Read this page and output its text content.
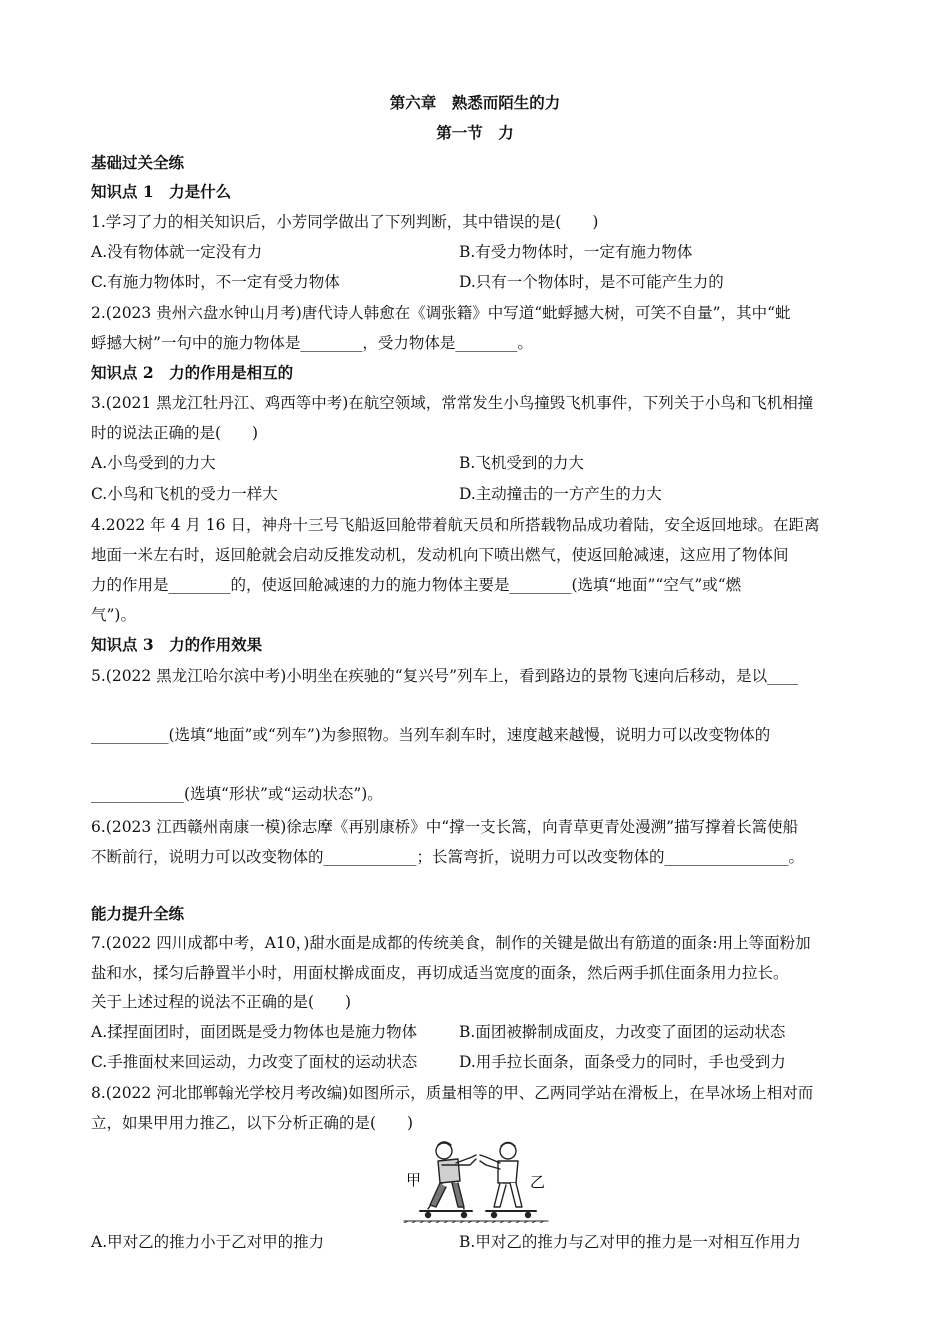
第六章　熟悉而陌生的力
第一节　力
基础过关全练
知识点 1　力是什么
1.学习了力的相关知识后，小芳同学做出了下列判断，其中错误的是(　　)
A.没有物体就一定没有力	B.有受力物体时，一定有施力物体
C.有施力物体时，不一定有受力物体	D.只有一个物体时，是不可能产生力的
2.(2023 贵州六盘水钟山月考)唐代诗人韩愈在《调张籍》中写道“蚍蜉撼大树，可笑不自量”，其中“蚍
蜉撼大树”一句中的施力物体是________，受力物体是________。
知识点 2　力的作用是相互的
3.(2021 黑龙江牡丹江、鸡西等中考)在航空领域，常常发生小鸟撞毁飞机事件，下列关于小鸟和飞机相撞
时的说法正确的是(　　)
A.小鸟受到的力大	B.飞机受到的力大
C.小鸟和飞机的受力一样大	D.主动撞击的一方产生的力大
4.2022 年 4 月 16 日，神舟十三号飞船返回舱带着航天员和所搭载物品成功着陆，安全返回地球。在距离
地面一米左右时，返回舱就会启动反推发动机，发动机向下喷出燃气，使返回舱减速，这应用了物体间
力的作用是________的，使返回舱减速的力的施力物体主要是________(选填“地面”“空气”或“燃
气”)。
知识点 3　力的作用效果
5.(2022 黑龙江哈尔滨中考)小明坐在疾驰的“复兴号”列车上，看到路边的景物飞速向后移动，是以____
__________(选填“地面”或“列车”)为参照物。当列车刹车时，速度越来越慢，说明力可以改变物体的
____________(选填“形状”或“运动状态”)。
6.(2023 江西赣州南康一模)徐志摩《再别康桥》中“撑一支长篙，向青草更青处漫溯”描写撑着长篙使船
不断前行，说明力可以改变物体的____________；长篙弯折，说明力可以改变物体的________________。
能力提升全练
7.(2022 四川成都中考，A10，)甜水面是成都的传统美食，制作的关键是做出有筋道的面条:用上等面粉加
盐和水，揉匀后静置半小时，用面杖擀成面皮，再切成适当宽度的面条，然后两手抓住面条用力拉长。
关于上述过程的说法不正确的是(　　)
A.揉捏面团时，面团既是受力物体也是施力物体	B.面团被擀制成面皮，力改变了面团的运动状态
C.手推面杖来回运动，力改变了面杖的运动状态	D.用手拉长面条，面条受力的同时，手也受到力
8.(2022 河北邯郸翰光学校月考改编)如图所示，质量相等的甲、乙两同学站在滑板上，在旱冰场上相对而
立，如果甲用力推乙，以下分析正确的是(　　)
甲	乙
A.甲对乙的推力小于乙对甲的推力	B.甲对乙的推力与乙对甲的推力是一对相互作用力
